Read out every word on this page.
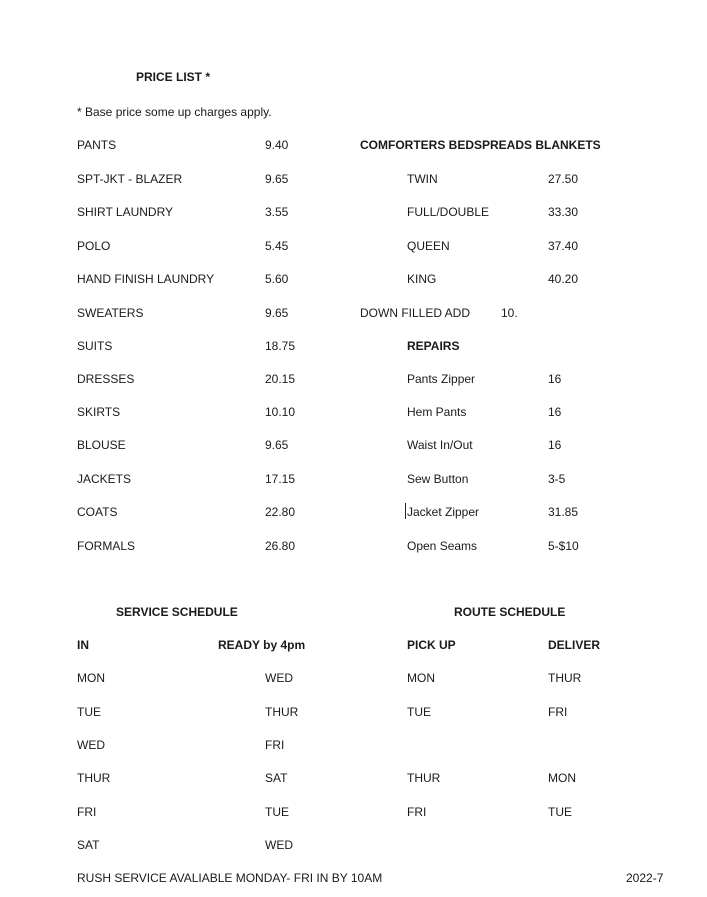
PRICE LIST *
* Base price some up charges apply.
PANTS	9.40
SPT-JKT - BLAZER	9.65
SHIRT LAUNDRY	3.55
POLO	5.45
HAND FINISH LAUNDRY	5.60
SWEATERS	9.65
SUITS	18.75
DRESSES	20.15
SKIRTS	10.10
BLOUSE	9.65
JACKETS	17.15
COATS	22.80
FORMALS	26.80
COMFORTERS BEDSPREADS BLANKETS
TWIN	27.50
FULL/DOUBLE	33.30
QUEEN	37.40
KING	40.20
DOWN FILLED ADD	10.
REPAIRS
Pants Zipper	16
Hem Pants	16
Waist In/Out	16
Sew Button	3-5
Jacket Zipper	31.85
Open Seams	5-$10
SERVICE SCHEDULE
IN	READY by 4pm
MON	WED
TUE	THUR
WED	FRI
THUR	SAT
FRI	TUE
SAT	WED
ROUTE SCHEDULE
PICK UP	DELIVER
MON	THUR
TUE	FRI
THUR	MON
FRI	TUE
RUSH SERVICE AVALIABLE MONDAY- FRI IN BY 10AM	2022-7
